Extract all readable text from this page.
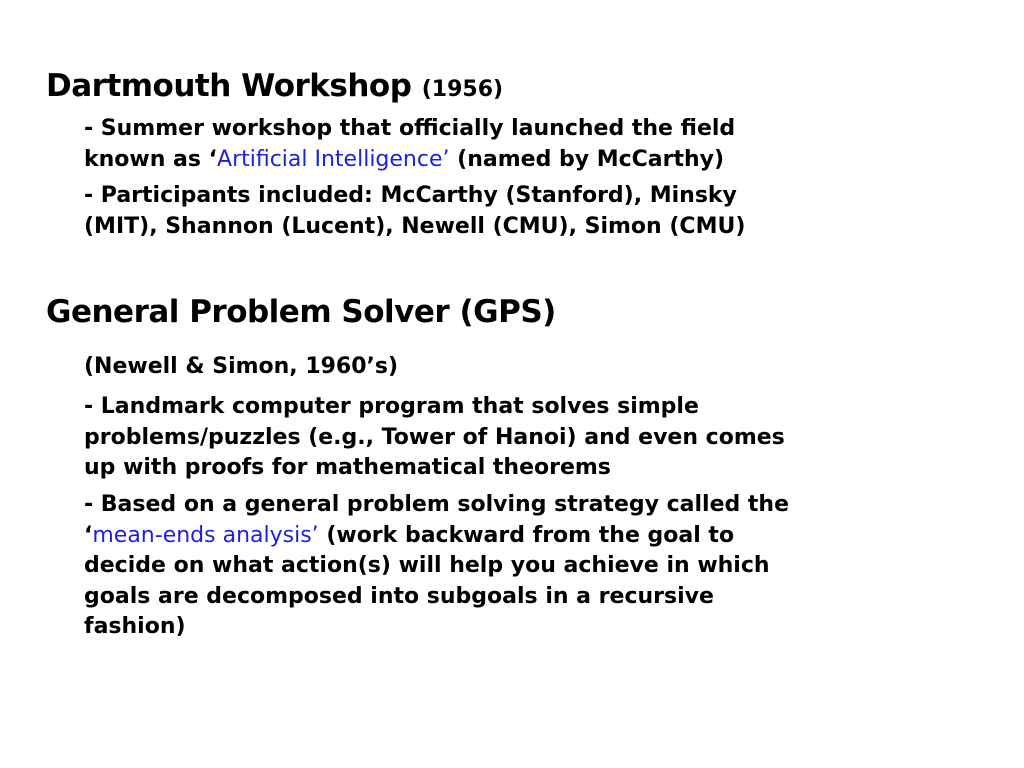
Dartmouth Workshop (1956)

- Summer workshop that officially launched the field
known as ‘Artificial Intelligence’ (named by McCarthy)

- Participants included: McCarthy (Stanford), Minsky
(MIT), Shannon (Lucent), Newell (CMU), Simon (CMU)

General Problem Solver (GPS)

(Newell & Simon, 1960’s)

- Landmark computer program that solves simple
problems/puzzles (e.g., Tower of Hanoi) and even comes
up with proofs for mathematical theorems

- Based on a general problem solving strategy called the
‘mean-ends analysis’ (work backward from the goal to
decide on what action(s) will help you achieve in which
goals are decomposed into subgoals in a recursive
fashion)
